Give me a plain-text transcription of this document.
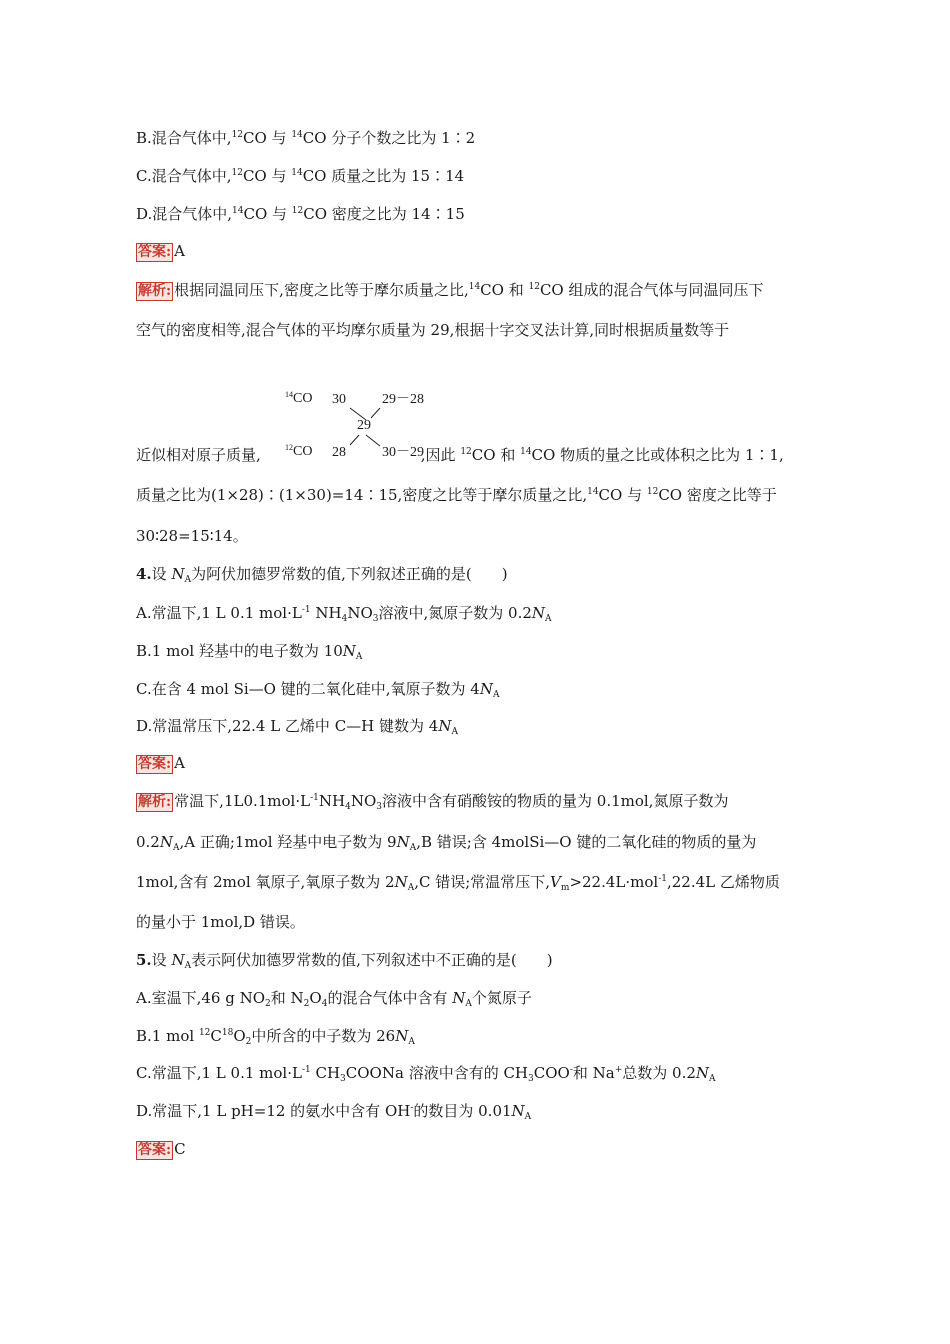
B.混合气体中,$^{12}$CO 与 $^{14}$CO 分子个数之比为 1∶2
C.混合气体中,$^{12}$CO 与 $^{14}$CO 质量之比为 15∶14
D.混合气体中,$^{14}$CO 与 $^{12}$CO 密度之比为 14∶15
答案: A
解析: 根据同温同压下,密度之比等于摩尔质量之比,$^{14}$CO 和 $^{12}$CO 组成的混合气体与同温同压下
空气的密度相等,混合气体的平均摩尔质量为 29,根据十字交叉法计算,同时根据质量数等于
$^{14}$CO 30	29－28
29
$^{12}$CO 28	30－29
近似相对原子质量,	,因此 $^{12}$CO 和 $^{14}$CO 物质的量之比或体积之比为 1∶1,
质量之比为(1×28)∶(1×30)=14∶15,密度之比等于摩尔质量之比,$^{14}$CO 与 $^{12}$CO 密度之比等于
30∶28=15∶14。
4.设 $N_A$为阿伏加德罗常数的值,下列叙述正确的是(　　)
A.常温下,1 L 0.1 $mol\cdot L^{-1}$ $NH_4NO_3$溶液中,氮原子数为 $0.2N_A$
B.1 mol 羟基中的电子数为 $10N_A$
C.在含 4 mol Si—O 键的二氧化硅中,氧原子数为 $4N_A$
D.常温常压下,22.4 L 乙烯中 C—H 键数为 $4N_A$
答案: A
解析: 常温下$,1L0.1mol\cdot L^{-1}NH_4NO_3$溶液中含有硝酸铵的物质的量为 0.1mol,氮原子数为
$0.2N_A,A$ 正确;1mol 羟基中电子数为 $9N_A,B$ 错误;含 4molSi—O 键的二氧化硅的物质的量为
1mol,含有 2mol 氧原子,氧原子数为 $2N_A,C$ 错误;常温常压下$,V_m>22.4L\cdot mol^{-1},22.4L$ 乙烯物质
的量小于 1mol,D 错误。
5.设 $N_A$表示阿伏加德罗常数的值,下列叙述中不正确的是(　　)
A.室温下,46 g $NO_2$和 $N_2O_4$的混合气体中含有 $N_A$个氮原子
B.1 mol $^{12}C^{18}O_2$中所含的中子数为 $26N_A$
C.常温下,1 L 0.1 $mol\cdot L^{-1}$ $CH_3COONa$ 溶液中含有的 $CH_3COO^-$和 Na+总数为 $0.2N_A$
D.常温下,1 L pH=12 的氨水中含有 OH-的数目为 $0.01N_A$
答案: C
